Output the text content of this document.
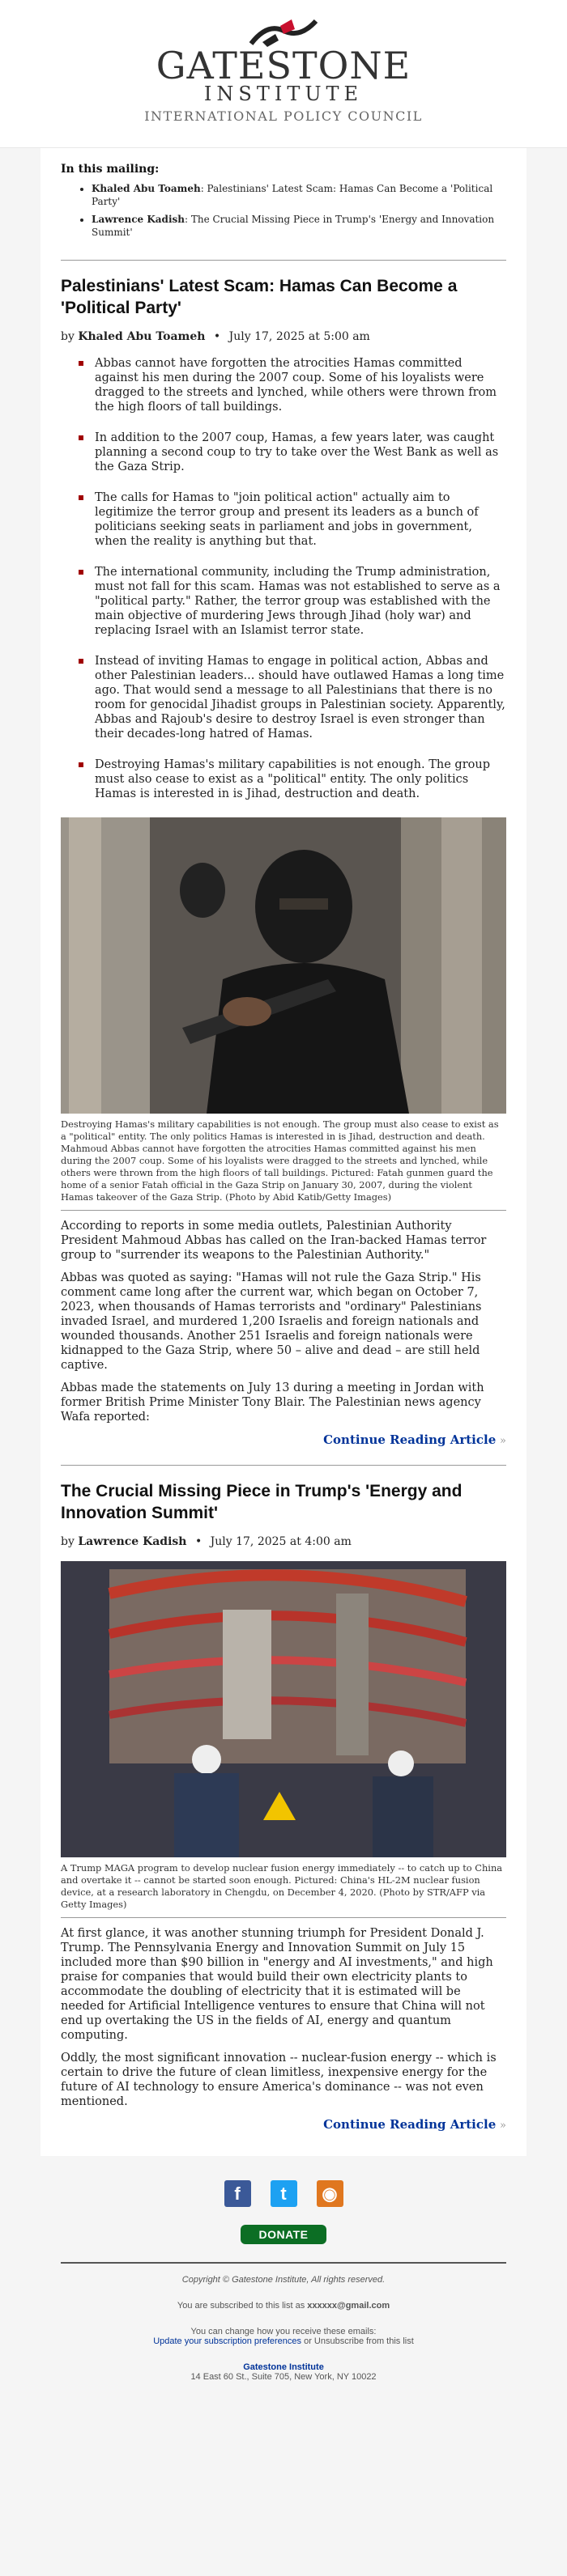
GATESTONE
INSTITUTE
INTERNATIONAL POLICY COUNCIL
In this mailing:
• Khaled Abu Toameh: Palestinians' Latest Scam: Hamas Can Become a 'Political Party'
• Lawrence Kadish: The Crucial Missing Piece in Trump's 'Energy and Innovation Summit'
Palestinians' Latest Scam: Hamas Can Become a 'Political Party'
by Khaled Abu Toameh • July 17, 2025 at 5:00 am
Abbas cannot have forgotten the atrocities Hamas committed against his men during the 2007 coup. Some of his loyalists were dragged to the streets and lynched, while others were thrown from the high floors of tall buildings.
In addition to the 2007 coup, Hamas, a few years later, was caught planning a second coup to try to take over the West Bank as well as the Gaza Strip.
The calls for Hamas to "join political action" actually aim to legitimize the terror group and present its leaders as a bunch of politicians seeking seats in parliament and jobs in government, when the reality is anything but that.
The international community, including the Trump administration, must not fall for this scam. Hamas was not established to serve as a "political party." Rather, the terror group was established with the main objective of murdering Jews through Jihad (holy war) and replacing Israel with an Islamist terror state.
Instead of inviting Hamas to engage in political action, Abbas and other Palestinian leaders... should have outlawed Hamas a long time ago. That would send a message to all Palestinians that there is no room for genocidal Jihadist groups in Palestinian society. Apparently, Abbas and Rajoub's desire to destroy Israel is even stronger than their decades-long hatred of Hamas.
Destroying Hamas's military capabilities is not enough. The group must also cease to exist as a "political" entity. The only politics Hamas is interested in is Jihad, destruction and death.
Destroying Hamas's military capabilities is not enough. The group must also cease to exist as a "political" entity. The only politics Hamas is interested in is Jihad, destruction and death. Mahmoud Abbas cannot have forgotten the atrocities Hamas committed against his men during the 2007 coup. Some of his loyalists were dragged to the streets and lynched, while others were thrown from the high floors of tall buildings. Pictured: Fatah gunmen guard the home of a senior Fatah official in the Gaza Strip on January 30, 2007, during the violent Hamas takeover of the Gaza Strip. (Photo by Abid Katib/Getty Images)

According to reports in some media outlets, Palestinian Authority President Mahmoud Abbas has called on the Iran-backed Hamas terror group to "surrender its weapons to the Palestinian Authority."

Abbas was quoted as saying: "Hamas will not rule the Gaza Strip." His comment came long after the current war, which began on October 7, 2023, when thousands of Hamas terrorists and "ordinary" Palestinians invaded Israel, and murdered 1,200 Israelis and foreign nationals and wounded thousands. Another 251 Israelis and foreign nationals were kidnapped to the Gaza Strip, where 50 – alive and dead – are still held captive.

Abbas made the statements on July 13 during a meeting in Jordan with former British Prime Minister Tony Blair. The Palestinian news agency Wafa reported:

Continue Reading Article »
The Crucial Missing Piece in Trump's 'Energy and Innovation Summit'
by Lawrence Kadish • July 17, 2025 at 4:00 am
A Trump MAGA program to develop nuclear fusion energy immediately -- to catch up to China and overtake it -- cannot be started soon enough. Pictured: China's HL-2M nuclear fusion device, at a research laboratory in Chengdu, on December 4, 2020. (Photo by STR/AFP via Getty Images)

At first glance, it was another stunning triumph for President Donald J. Trump. The Pennsylvania Energy and Innovation Summit on July 15 included more than $90 billion in "energy and AI investments," and high praise for companies that would build their own electricity plants to accommodate the doubling of electricity that it is estimated will be needed for Artificial Intelligence ventures to ensure that China will not end up overtaking the US in the fields of AI, energy and quantum computing.

Oddly, the most significant innovation -- nuclear-fusion energy -- which is certain to drive the future of clean limitless, inexpensive energy for the future of AI technology to ensure America's dominance -- was not even mentioned.

Continue Reading Article »
f	t	◉
DONATE

Copyright © Gatestone Institute, All rights reserved.

You are subscribed to this list as xxxxxx@gmail.com

You can change how you receive these emails:

Update your subscription preferences or Unsubscribe from this list

Gatestone Institute

14 East 60 St., Suite 705, New York, NY 10022
